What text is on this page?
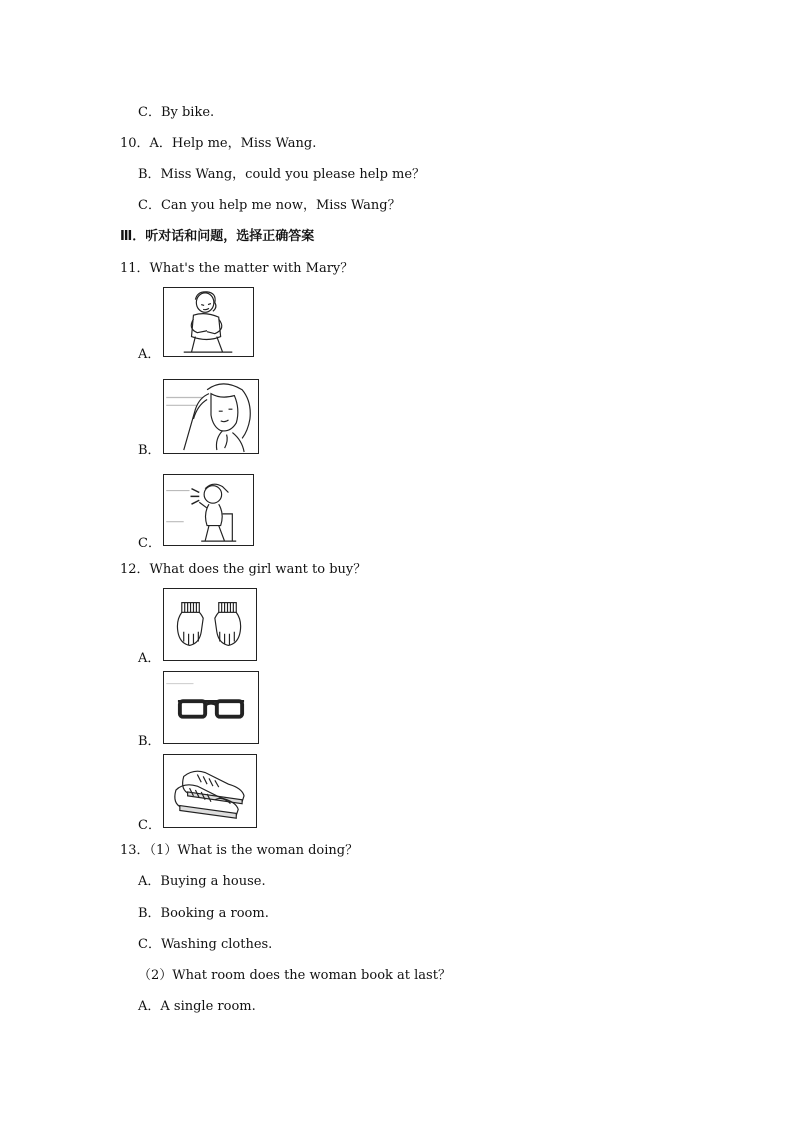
C．By bike.
10．A．Help me，Miss Wang.
B．Miss Wang，could you please help me？
C．Can you help me now，Miss Wang？
Ⅲ．听对话和问题，选择正确答案
11．What's the matter with Mary？
A．
B．
C．
12．What does the girl want to buy？
A．
B．
C．
13．（1）What is the woman doing？
A．Buying a house.
B．Booking a room.
C．Washing clothes.
（2）What room does the woman book at last？
A．A single room.
